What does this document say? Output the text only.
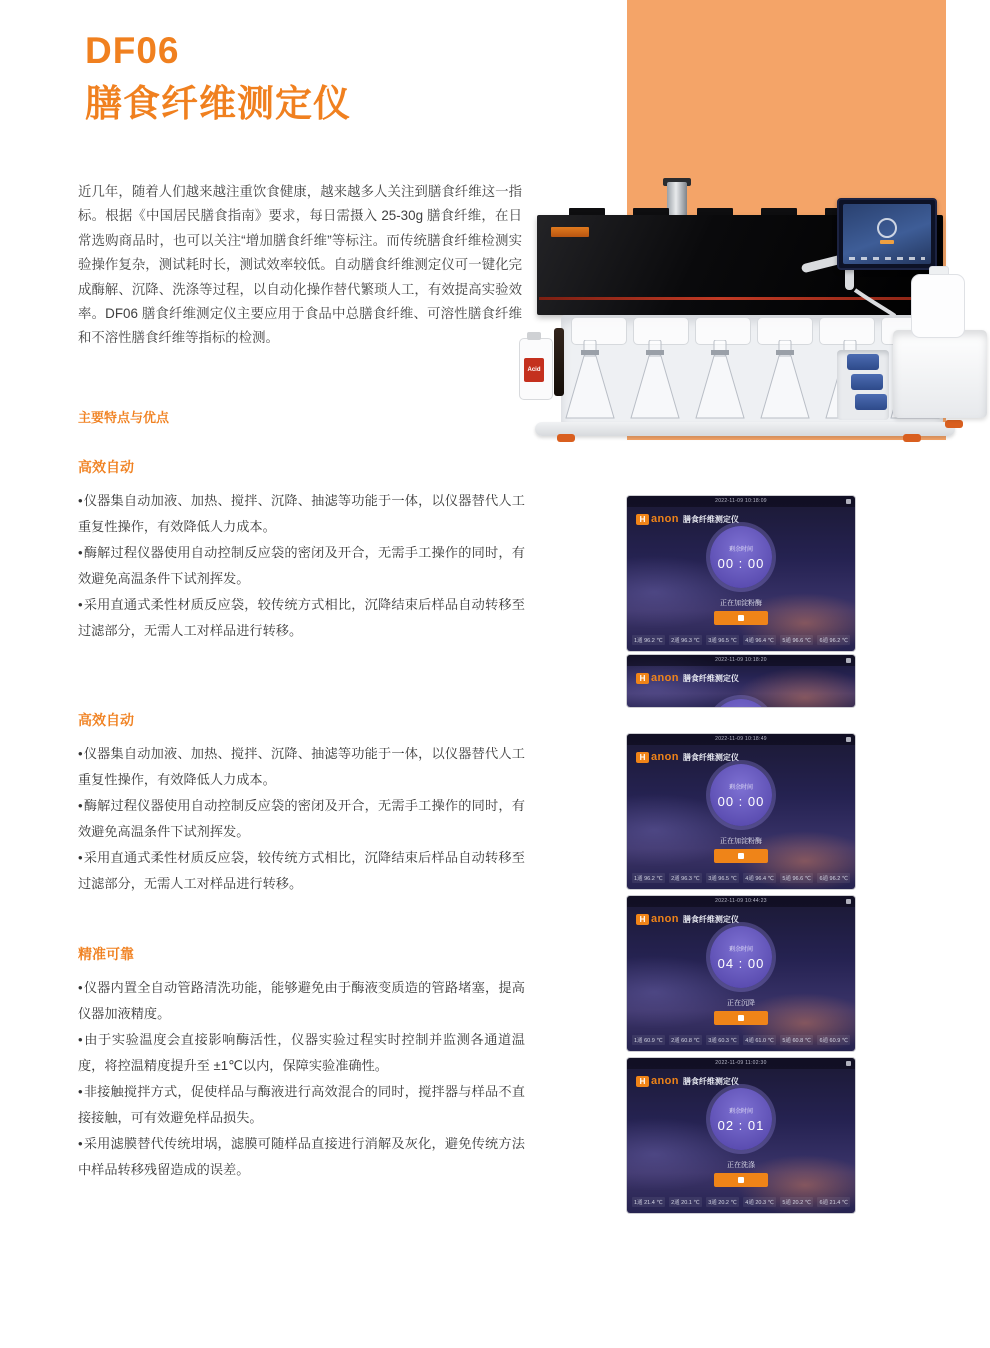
DF06
膳食纤维测定仪

近几年，随着人们越来越注重饮食健康，越来越多人关注到膳食纤维这一指标。根据《中国居民膳食指南》要求，每日需摄入 25-30g 膳食纤维，在日常选购商品时，也可以关注“增加膳食纤维”等标注。而传统膳食纤维检测实验操作复杂，测试耗时长，测试效率较低。自动膳食纤维测定仪可一键化完成酶解、沉降、洗涤等过程，以自动化操作替代繁琐人工，有效提高实验效率。DF06 膳食纤维测定仪主要应用于食品中总膳食纤维、可溶性膳食纤维和不溶性膳食纤维等指标的检测。

主要特点与优点
高效自动

• 仪器集自动加液、加热、搅拌、沉降、抽滤等功能于一体，以仪器替代人工重复性操作，有效降低人力成本。

• 酶解过程仪器使用自动控制反应袋的密闭及开合，无需手工操作的同时，有效避免高温条件下试剂挥发。

• 采用直通式柔性材质反应袋，较传统方式相比，沉降结束后样品自动转移至过滤部分，无需人工对样品进行转移。

高效自动

• 仪器集自动加液、加热、搅拌、沉降、抽滤等功能于一体，以仪器替代人工重复性操作，有效降低人力成本。

• 酶解过程仪器使用自动控制反应袋的密闭及开合，无需手工操作的同时，有效避免高温条件下试剂挥发。

• 采用直通式柔性材质反应袋，较传统方式相比，沉降结束后样品自动转移至过滤部分，无需人工对样品进行转移。

精准可靠

• 仪器内置全自动管路清洗功能，能够避免由于酶液变质造的管路堵塞，提高仪器加液精度。

• 由于实验温度会直接影响酶活性，仪器实验过程实时控制并监测各通道温度，将控温精度提升至 ±1℃以内，保障实验准确性。

• 非接触搅拌方式，促使样品与酶液进行高效混合的同时，搅拌器与样品不直接接触，可有效避免样品损失。

• 采用滤膜替代传统坩埚，滤膜可随样品直接进行消解及灰化，避免传统方法中样品转移残留造成的误差。

Acid
2022-11-09 10:18:09
H anon 膳食纤维测定仪
剩余时间
00 : 00
正在加淀粉酶
1通 96.2 ℃	2通 96.3 ℃	3通 96.5 ℃	4通 96.4 ℃	5通 96.6 ℃	6通 96.2 ℃
2022-11-09 10:18:20
H anon 膳食纤维测定仪
2022-11-09 10:18:49
H anon 膳食纤维测定仪
剩余时间
00 : 00
正在加淀粉酶
1通 96.2 ℃	2通 96.3 ℃	3通 96.5 ℃	4通 96.4 ℃	5通 96.6 ℃	6通 96.2 ℃
2022-11-09 10:44:23
H anon 膳食纤维测定仪
剩余时间
04 : 00
正在沉降
1通 60.9 ℃	2通 60.8 ℃	3通 60.3 ℃	4通 61.0 ℃	5通 60.8 ℃	6通 60.9 ℃
2022-11-09 11:02:30
H anon 膳食纤维测定仪
剩余时间
02 : 01
正在洗涤
1通 21.4 ℃	2通 20.1 ℃	3通 20.2 ℃	4通 20.3 ℃	5通 20.2 ℃	6通 21.4 ℃
